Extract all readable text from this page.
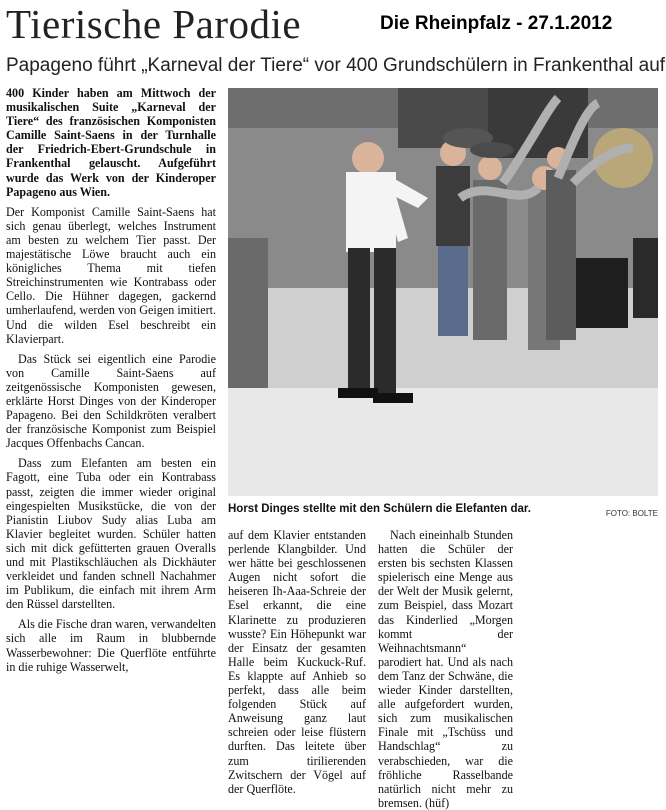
Tierische Parodie	Die Rheinpfalz - 27.1.2012
Papageno führt „Karneval der Tiere“ vor 400 Grundschülern in Frankenthal auf

400 Kinder haben am Mittwoch der musikalischen Suite „Karneval der Tiere“ des französischen Komponisten Camille Saint-Saens in der Turnhalle der Friedrich-Ebert-Grundschule in Frankenthal gelauscht. Aufgeführt wurde das Werk von der Kinderoper Papageno aus Wien.

Der Komponist Camille Saint-Saens hat sich genau überlegt, welches Instrument am besten zu welchem Tier passt. Der majestätische Löwe braucht auch ein königliches Thema mit tiefen Streichinstrumenten wie Kontrabass oder Cello. Die Hühner dagegen, gackernd umherlaufend, werden von Geigen imitiert. Und die wilden Esel beschreibt ein Klavierpart.

Das Stück sei eigentlich eine Parodie von Camille Saint-Saens auf zeitgenössische Komponisten gewesen, erklärte Horst Dinges von der Kinderoper Papageno. Bei den Schildkröten veralbert der französische Komponist zum Beispiel Jacques Offenbachs Cancan.

Dass zum Elefanten am besten ein Fagott, eine Tuba oder ein Kontrabass passt, zeigten die immer wieder original eingespielten Musikstücke, die von der Pianistin Liubov Sudy alias Luba am Klavier begleitet wurden. Schüler hatten sich mit dick gefütterten grauen Overalls und mit Plastikschläuchen als Dickhäuter verkleidet und fanden schnell Nachahmer im Publikum, die einfach mit ihrem Arm den Rüssel darstellten.

Als die Fische dran waren, verwandelten sich alle im Raum in blubbernde Wasserbewohner: Die Querflöte entführte in die ruhige Wasserwelt,

Horst Dinges stellte mit den Schülern die Elefanten dar.	FOTO: BOLTE

auf dem Klavier entstanden perlende Klangbilder. Und wer hätte bei geschlossenen Augen nicht sofort die heiseren Ih-Aaa-Schreie der Esel erkannt, die eine Klarinette zu produzieren wusste? Ein Höhepunkt war der Einsatz der gesamten Halle beim Kuckuck-Ruf. Es klappte auf Anhieb so perfekt, dass alle beim folgenden Stück auf Anweisung ganz laut schreien oder leise flüstern durften. Das leitete über zum tirilierenden Zwitschern der Vögel auf der Querflöte.

Nach eineinhalb Stunden hatten die Schüler der ersten bis sechsten Klassen spielerisch eine Menge aus der Welt der Musik gelernt, zum Beispiel, dass Mozart das Kinderlied „Morgen kommt der Weihnachtsmann“ parodiert hat. Und als nach dem Tanz der Schwäne, die wieder Kinder darstellten, alle aufgefordert wurden, sich zum musikalischen Finale mit „Tschüss und Handschlag“ zu verabschieden, war die fröhliche Rasselbande natürlich nicht mehr zu bremsen. (hüf)
